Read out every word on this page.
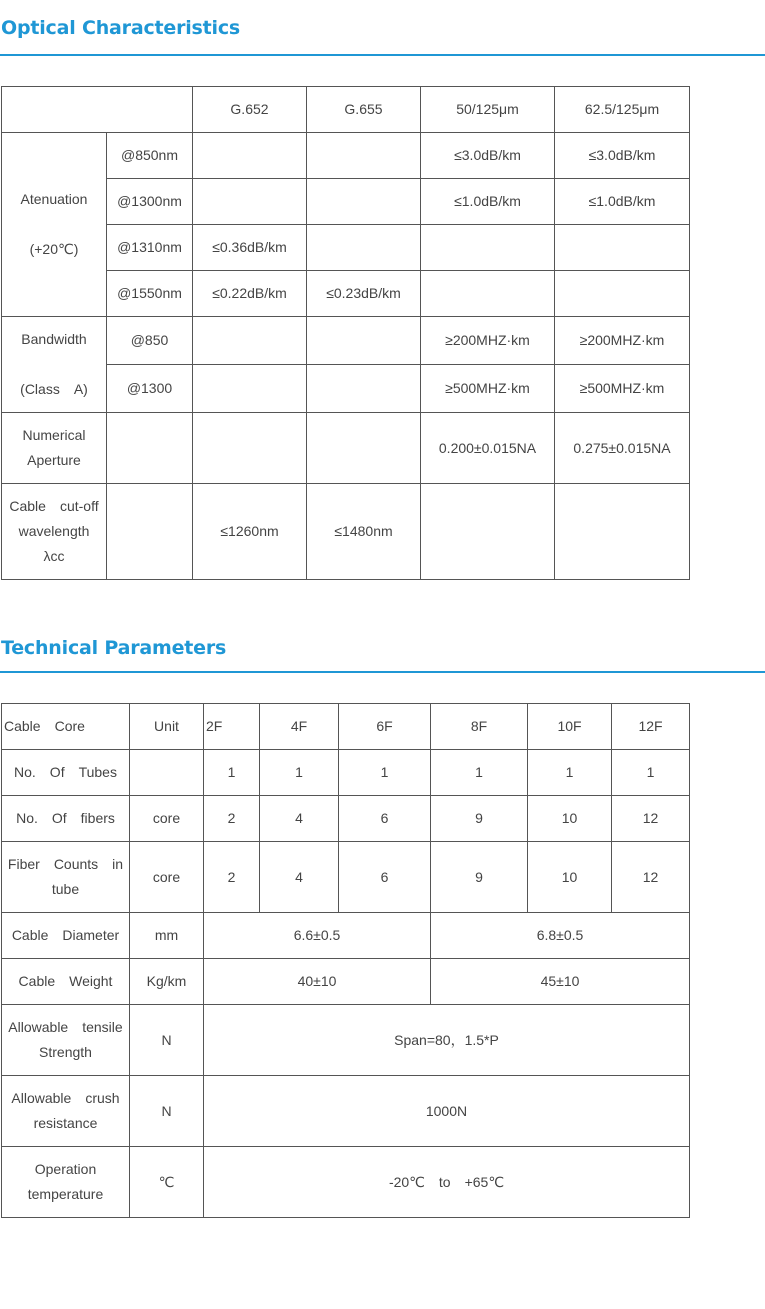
Optical Characteristics
		G.652	G.655	50/125μm	62.5/125μm

Atenuation
(+20℃)	@850nm			≤3.0dB/km	≤3.0dB/km
	@1300nm			≤1.0dB/km	≤1.0dB/km
	@1310nm	≤0.36dB/km			
	@1550nm	≤0.22dB/km	≤0.23dB/km		

Bandwidth
(Class　A)	@850			≥200MHZ·km	≥200MHZ·km
	@1300			≥500MHZ·km	≥500MHZ·km

Numerical
Aperture				0.200±0.015NA	0.275±0.015NA

Cable　cut-off
wavelength
λcc		≤1260nm	≤1480nm		
Technical Parameters
Cable　Core	Unit	2F	4F	6F	8F	10F	12F
No.　Of　Tubes		1	1	1	1	1	1
No.　Of　fibers	core	2	4	6	9	10	12

Fiber　Counts　in
tube	core	2	4	6	9	10	12
Cable　Diameter	mm	6.6±0.5			6.8±0.5		
Cable　Weight	Kg/km	40±10			45±10		

Allowable　tensile
Strength	N	Span=80，1.5*P					

Allowable　crush
resistance	N	1000N					

Operation
temperature	℃	-20℃　to　+65℃					
